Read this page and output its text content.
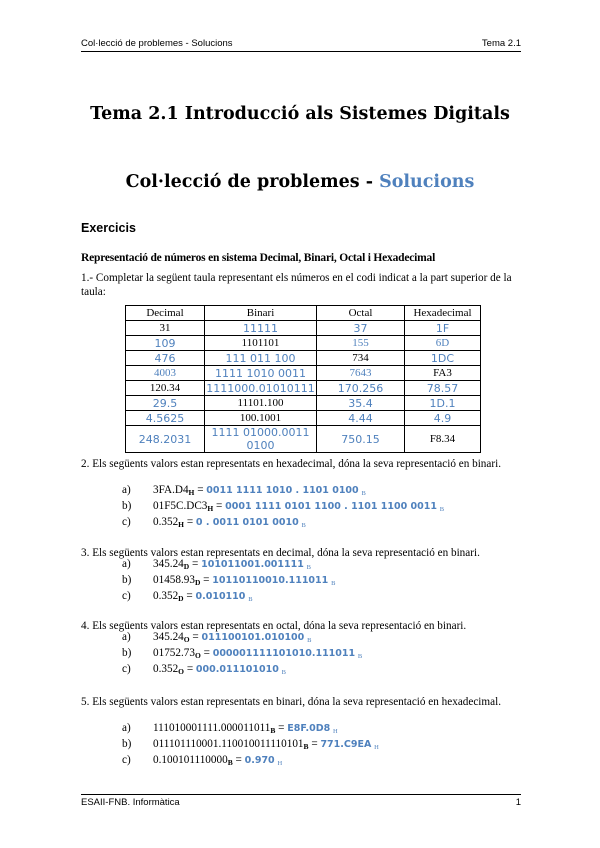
Col·lecció de problemes - Solucions	Tema 2.1
Tema 2.1 Introducció als Sistemes Digitals
Col·lecció de problemes - Solucions
Exercicis
Representació de números en sistema Decimal, Binari, Octal i Hexadecimal
1.- Completar la següent taula representant els números en el codi indicat a la part superior de la taula:
Decimal	Binari	Octal	Hexadecimal
31	11111	37	1F
109	1101101	155	6D
476	111 011 100	734	1DC
4003	1111 1010 0011	7643	FA3
120.34	1111000.01010111	170.256	78.57
29.5	11101.100	35.4	1D.1
4.5625	100.1001	4.44	4.9
248.2031	1111 01000.0011 0100	750.15	F8.34
2. Els següents valors estan representats en hexadecimal, dóna la seva representació en binari.
a) $3FA.D4_H = 0011$ 1111 1010 . 1101 0100 B
b) $01F5C.DC3_H = 0001$ 1111 0101 1100 . 1101 1100 0011 B
c) $0.352_H = 0$ . 0011 0101 0010 B
3. Els següents valors estan representats en decimal, dóna la seva representació en binari.
a) $345.24_D = 101011001.001111$ B
b) $01458.93_D = 10110110010.111011$ B
c) $0.352_D = 0.010110$ B
4. Els següents valors estan representats en octal, dóna la seva representació en binari.
a) $345.24_O = 011100101.010100$ B
b) $01752.73_O = 000001111101010.111011$ B
c) $0.352_O = 000.011101010$ B
5. Els següents valors estan representats en binari, dóna la seva representació en hexadecimal.
a) $111010001111.000011011_B = E8F.0D8$ H
b) $011101110001.110010011110101_B = 771.C9EA$ H
c) $0.100101110000_B = 0.970$ H
ESAII-FNB. Informàtica	1
